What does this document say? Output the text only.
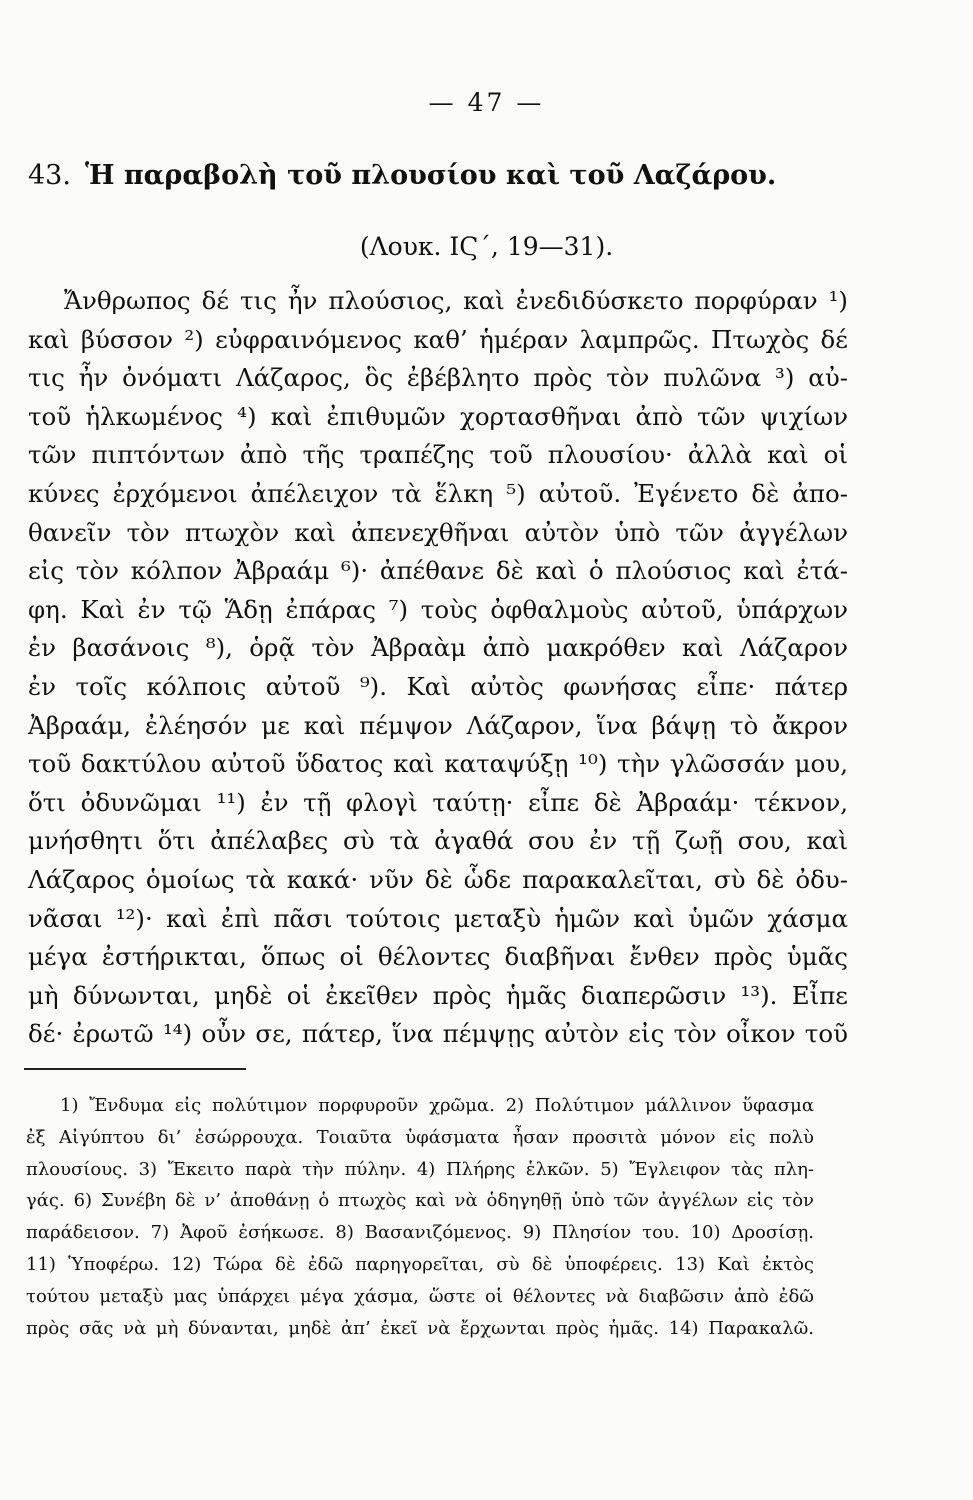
— 47 —
43. Ἡ παραβολὴ τοῦ πλουσίου καὶ τοῦ Λαζάρου.
(Λουκ. ΙϚ΄, 19—31).
Ἄνθρωπος δέ τις ἦν πλούσιος, καὶ ἐνεδιδύσκετο πορφύραν ¹)
καὶ βύσσον ²) εὐφραινόμενος καθ’ ἡμέραν λαμπρῶς. Πτωχὸς δέ
τις ἦν ὀνόματι Λάζαρος, ὃς ἐβέβλητο πρὸς τὸν πυλῶνα ³) αὐ-
τοῦ ἡλκωμένος ⁴) καὶ ἐπιθυμῶν χορτασθῆναι ἀπὸ τῶν ψιχίων
τῶν πιπτόντων ἀπὸ τῆς τραπέζης τοῦ πλουσίου· ἀλλὰ καὶ οἱ
κύνες ἐρχόμενοι ἀπέλειχον τὰ ἕλκη ⁵) αὐτοῦ. Ἐγένετο δὲ ἀπο-
θανεῖν τὸν πτωχὸν καὶ ἀπενεχθῆναι αὐτὸν ὑπὸ τῶν ἀγγέλων
εἰς τὸν κόλπον Ἀβραάμ ⁶)· ἀπέθανε δὲ καὶ ὁ πλούσιος καὶ ἐτά-
φη. Καὶ ἐν τῷ Ἅδῃ ἐπάρας ⁷) τοὺς ὀφθαλμοὺς αὐτοῦ, ὑπάρχων
ἐν βασάνοις ⁸), ὁρᾷ τὸν Ἀβραὰμ ἀπὸ μακρόθεν καὶ Λάζαρον
ἐν τοῖς κόλποις αὐτοῦ ⁹). Καὶ αὐτὸς φωνήσας εἶπε· πάτερ
Ἀβραάμ, ἐλέησόν με καὶ πέμψον Λάζαρον, ἵνα βάψῃ τὸ ἄκρον
τοῦ δακτύλου αὐτοῦ ὕδατος καὶ καταψύξῃ ¹⁰) τὴν γλῶσσάν μου,
ὅτι ὀδυνῶμαι ¹¹) ἐν τῇ φλογὶ ταύτῃ· εἶπε δὲ Ἀβραάμ· τέκνον,
μνήσθητι ὅτι ἀπέλαβες σὺ τὰ ἀγαθά σου ἐν τῇ ζωῇ σου, καὶ
Λάζαρος ὁμοίως τὰ κακά· νῦν δὲ ὧδε παρακαλεῖται, σὺ δὲ ὀδυ-
νᾶσαι ¹²)· καὶ ἐπὶ πᾶσι τούτοις μεταξὺ ἡμῶν καὶ ὑμῶν χάσμα
μέγα ἐστήρικται, ὅπως οἱ θέλοντες διαβῆναι ἔνθεν πρὸς ὑμᾶς
μὴ δύνωνται, μηδὲ οἱ ἐκεῖθεν πρὸς ἡμᾶς διαπερῶσιν ¹³). Εἶπε
δέ· ἐρωτῶ ¹⁴) οὖν σε, πάτερ, ἵνα πέμψῃς αὐτὸν εἰς τὸν οἶκον τοῦ
1) Ἔνδυμα εἰς πολύτιμον πορφυροῦν χρῶμα. 2) Πολύτιμον μάλλινον ὕφασμα
ἐξ Αἰγύπτου δι’ ἐσώρρουχα. Τοιαῦτα ὑφάσματα ἦσαν προσιτὰ μόνον εἰς πολὺ
πλουσίους. 3) Ἔκειτο παρὰ τὴν πύλην. 4) Πλήρης ἑλκῶν. 5) Ἔγλειφον τὰς πλη-
γάς. 6) Συνέβη δὲ ν’ ἀποθάνῃ ὁ πτωχὸς καὶ νὰ ὁδηγηθῇ ὑπὸ τῶν ἀγγέλων εἰς τὸν
παράδεισον. 7) Ἀφοῦ ἐσήκωσε. 8) Βασανιζόμενος. 9) Πλησίον του. 10) Δροσίσῃ.
11) Ὑποφέρω. 12) Τώρα δὲ ἐδῶ παρηγορεῖται, σὺ δὲ ὑποφέρεις. 13) Καὶ ἐκτὸς
τούτου μεταξὺ μας ὑπάρχει μέγα χάσμα, ὥστε οἱ θέλοντες νὰ διαβῶσιν ἀπὸ ἐδῶ
πρὸς σᾶς νὰ μὴ δύνανται, μηδὲ ἀπ’ ἐκεῖ νὰ ἔρχωνται πρὸς ἡμᾶς. 14) Παρακαλῶ.
